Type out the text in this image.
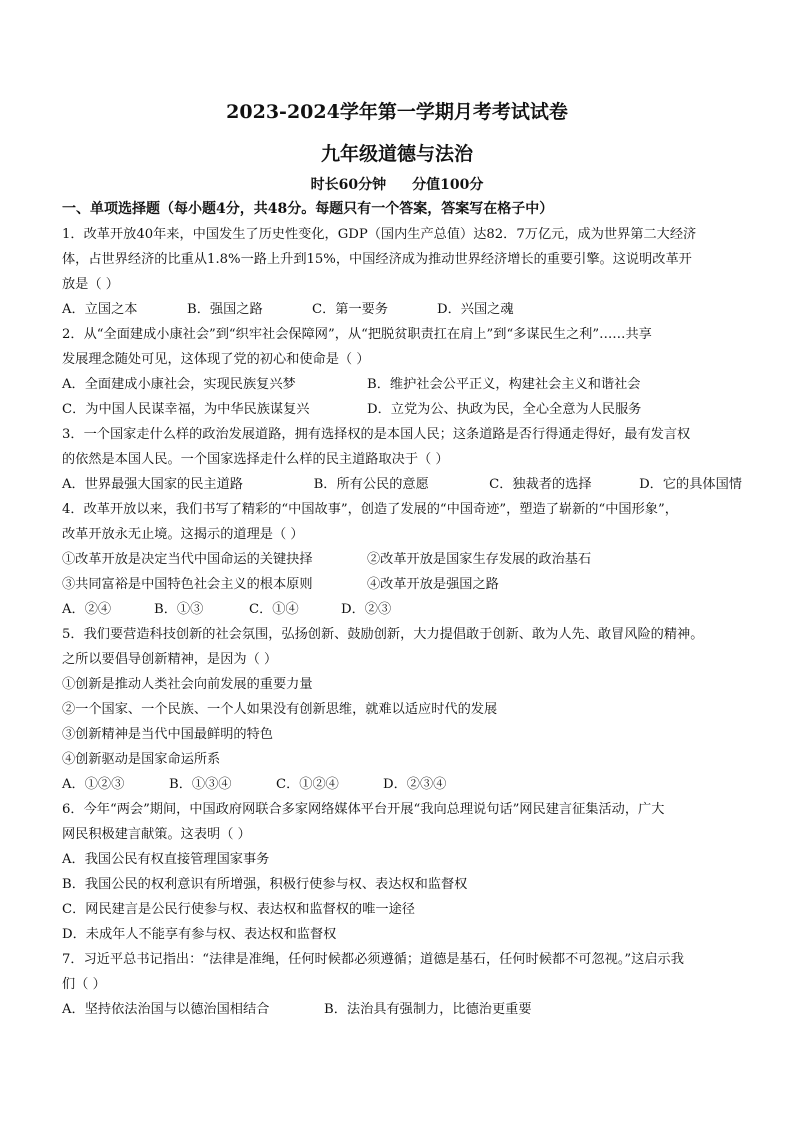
2023-2024学年第一学期月考考试试卷
九年级道德与法治
时长60分钟 分值100分
一、单项选择题（每小题4分，共48分。每题只有一个答案，答案写在格子中）
1．改革开放40年来，中国发生了历史性变化，GDP（国内生产总值）达82．7万亿元，成为世界第二大经济
体，占世界经济的比重从1.8%一路上升到15%，中国经济成为推动世界经济增长的重要引擎。这说明改革开
放是（ ）
A．立国之本	B．强国之路	C．第一要务	D．兴国之魂
2．从“全面建成小康社会”到“织牢社会保障网”，从“把脱贫职责扛在肩上”到“多谋民生之利”……共享
发展理念随处可见，这体现了党的初心和使命是（ ）
A．全面建成小康社会，实现民族复兴梦	B．维护社会公平正义，构建社会主义和谐社会
C．为中国人民谋幸福，为中华民族谋复兴	D．立党为公、执政为民，全心全意为人民服务
3．一个国家走什么样的政治发展道路，拥有选择权的是本国人民；这条道路是否行得通走得好，最有发言权
的依然是本国人民。一个国家选择走什么样的民主道路取决于（ ）
A．世界最强大国家的民主道路	B．所有公民的意愿	C．独裁者的选择	D．它的具体国情
4．改革开放以来，我们书写了精彩的“中国故事”，创造了发展的“中国奇迹”，塑造了崭新的“中国形象”，
改革开放永无止境。这揭示的道理是（ ）
①改革开放是决定当代中国命运的关键抉择	②改革开放是国家生存发展的政治基石
③共同富裕是中国特色社会主义的根本原则	④改革开放是强国之路
A．②④	B．①③	C．①④	D．②③
5．我们要营造科技创新的社会氛围，弘扬创新、鼓励创新，大力提倡敢于创新、敢为人先、敢冒风险的精神。
之所以要倡导创新精神，是因为（ ）
①创新是推动人类社会向前发展的重要力量
②一个国家、一个民族、一个人如果没有创新思维，就难以适应时代的发展
③创新精神是当代中国最鲜明的特色
④创新驱动是国家命运所系
A．①②③	B．①③④	C．①②④	D．②③④
6．今年“两会”期间，中国政府网联合多家网络媒体平台开展“我向总理说句话”网民建言征集活动，广大
网民积极建言献策。这表明（ ）
A．我国公民有权直接管理国家事务
B．我国公民的权利意识有所增强，积极行使参与权、表达权和监督权
C．网民建言是公民行使参与权、表达权和监督权的唯一途径
D．未成年人不能享有参与权、表达权和监督权
7．习近平总书记指出：“法律是准绳，任何时候都必须遵循；道德是基石，任何时候都不可忽视。”这启示我
们（ ）
A．坚持依法治国与以德治国相结合	B．法治具有强制力，比德治更重要
